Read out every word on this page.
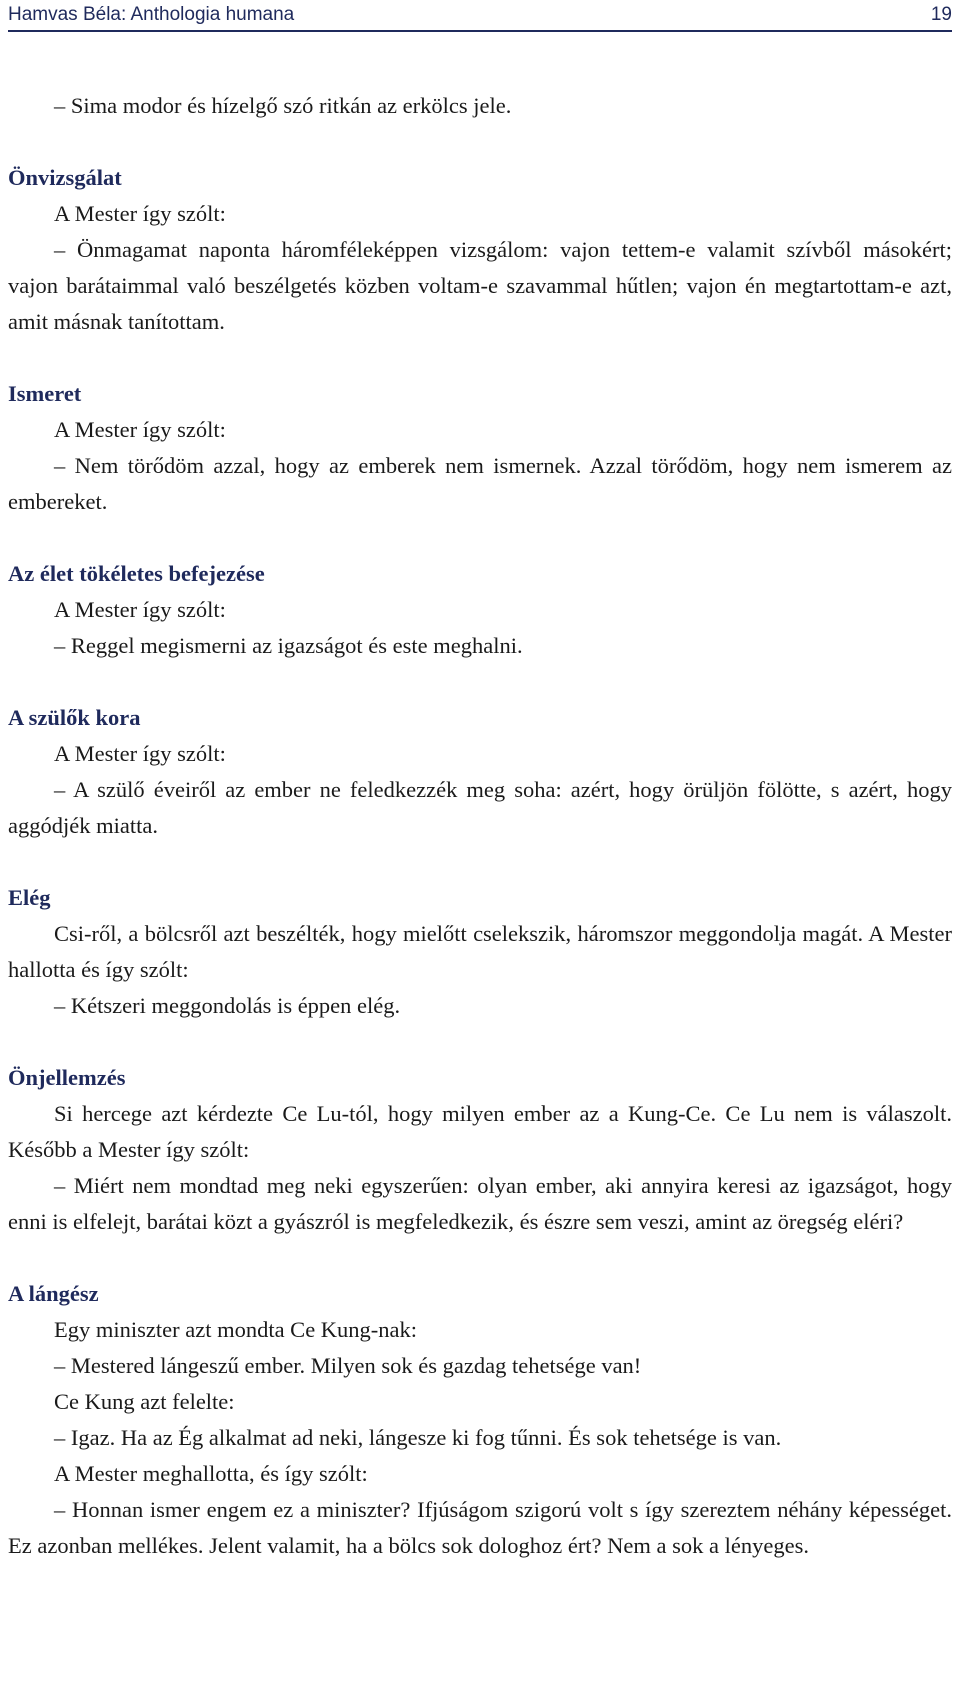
Hamvas Béla: Anthologia humana	19

– Sima modor és hízelgő szó ritkán az erkölcs jele.

Önvizsgálat

A Mester így szólt:

– Önmagamat naponta háromféleképpen vizsgálom: vajon tettem-e valamit szívből másokért; vajon barátaimmal való beszélgetés közben voltam-e szavammal hűtlen; vajon én megtartottam-e azt, amit másnak tanítottam.

Ismeret

A Mester így szólt:

– Nem törődöm azzal, hogy az emberek nem ismernek. Azzal törődöm, hogy nem ismerem az embereket.

Az élet tökéletes befejezése

A Mester így szólt:

– Reggel megismerni az igazságot és este meghalni.

A szülők kora

A Mester így szólt:

– A szülő éveiről az ember ne feledkezzék meg soha: azért, hogy örüljön fölötte, s azért, hogy aggódjék miatta.

Elég

Csi-ről, a bölcsről azt beszélték, hogy mielőtt cselekszik, háromszor meggondolja magát. A Mester hallotta és így szólt:

– Kétszeri meggondolás is éppen elég.

Önjellemzés

Si hercege azt kérdezte Ce Lu-tól, hogy milyen ember az a Kung-Ce. Ce Lu nem is válaszolt. Később a Mester így szólt:

– Miért nem mondtad meg neki egyszerűen: olyan ember, aki annyira keresi az igazságot, hogy enni is elfelejt, barátai közt a gyászról is megfeledkezik, és észre sem veszi, amint az öregség eléri?

A lángész

Egy miniszter azt mondta Ce Kung-nak:

– Mestered lángeszű ember. Milyen sok és gazdag tehetsége van!

Ce Kung azt felelte:

– Igaz. Ha az Ég alkalmat ad neki, lángesze ki fog tűnni. És sok tehetsége is van.

A Mester meghallotta, és így szólt:

– Honnan ismer engem ez a miniszter? Ifjúságom szigorú volt s így szereztem néhány képességet. Ez azonban mellékes. Jelent valamit, ha a bölcs sok dologhoz ért? Nem a sok a lényeges.
